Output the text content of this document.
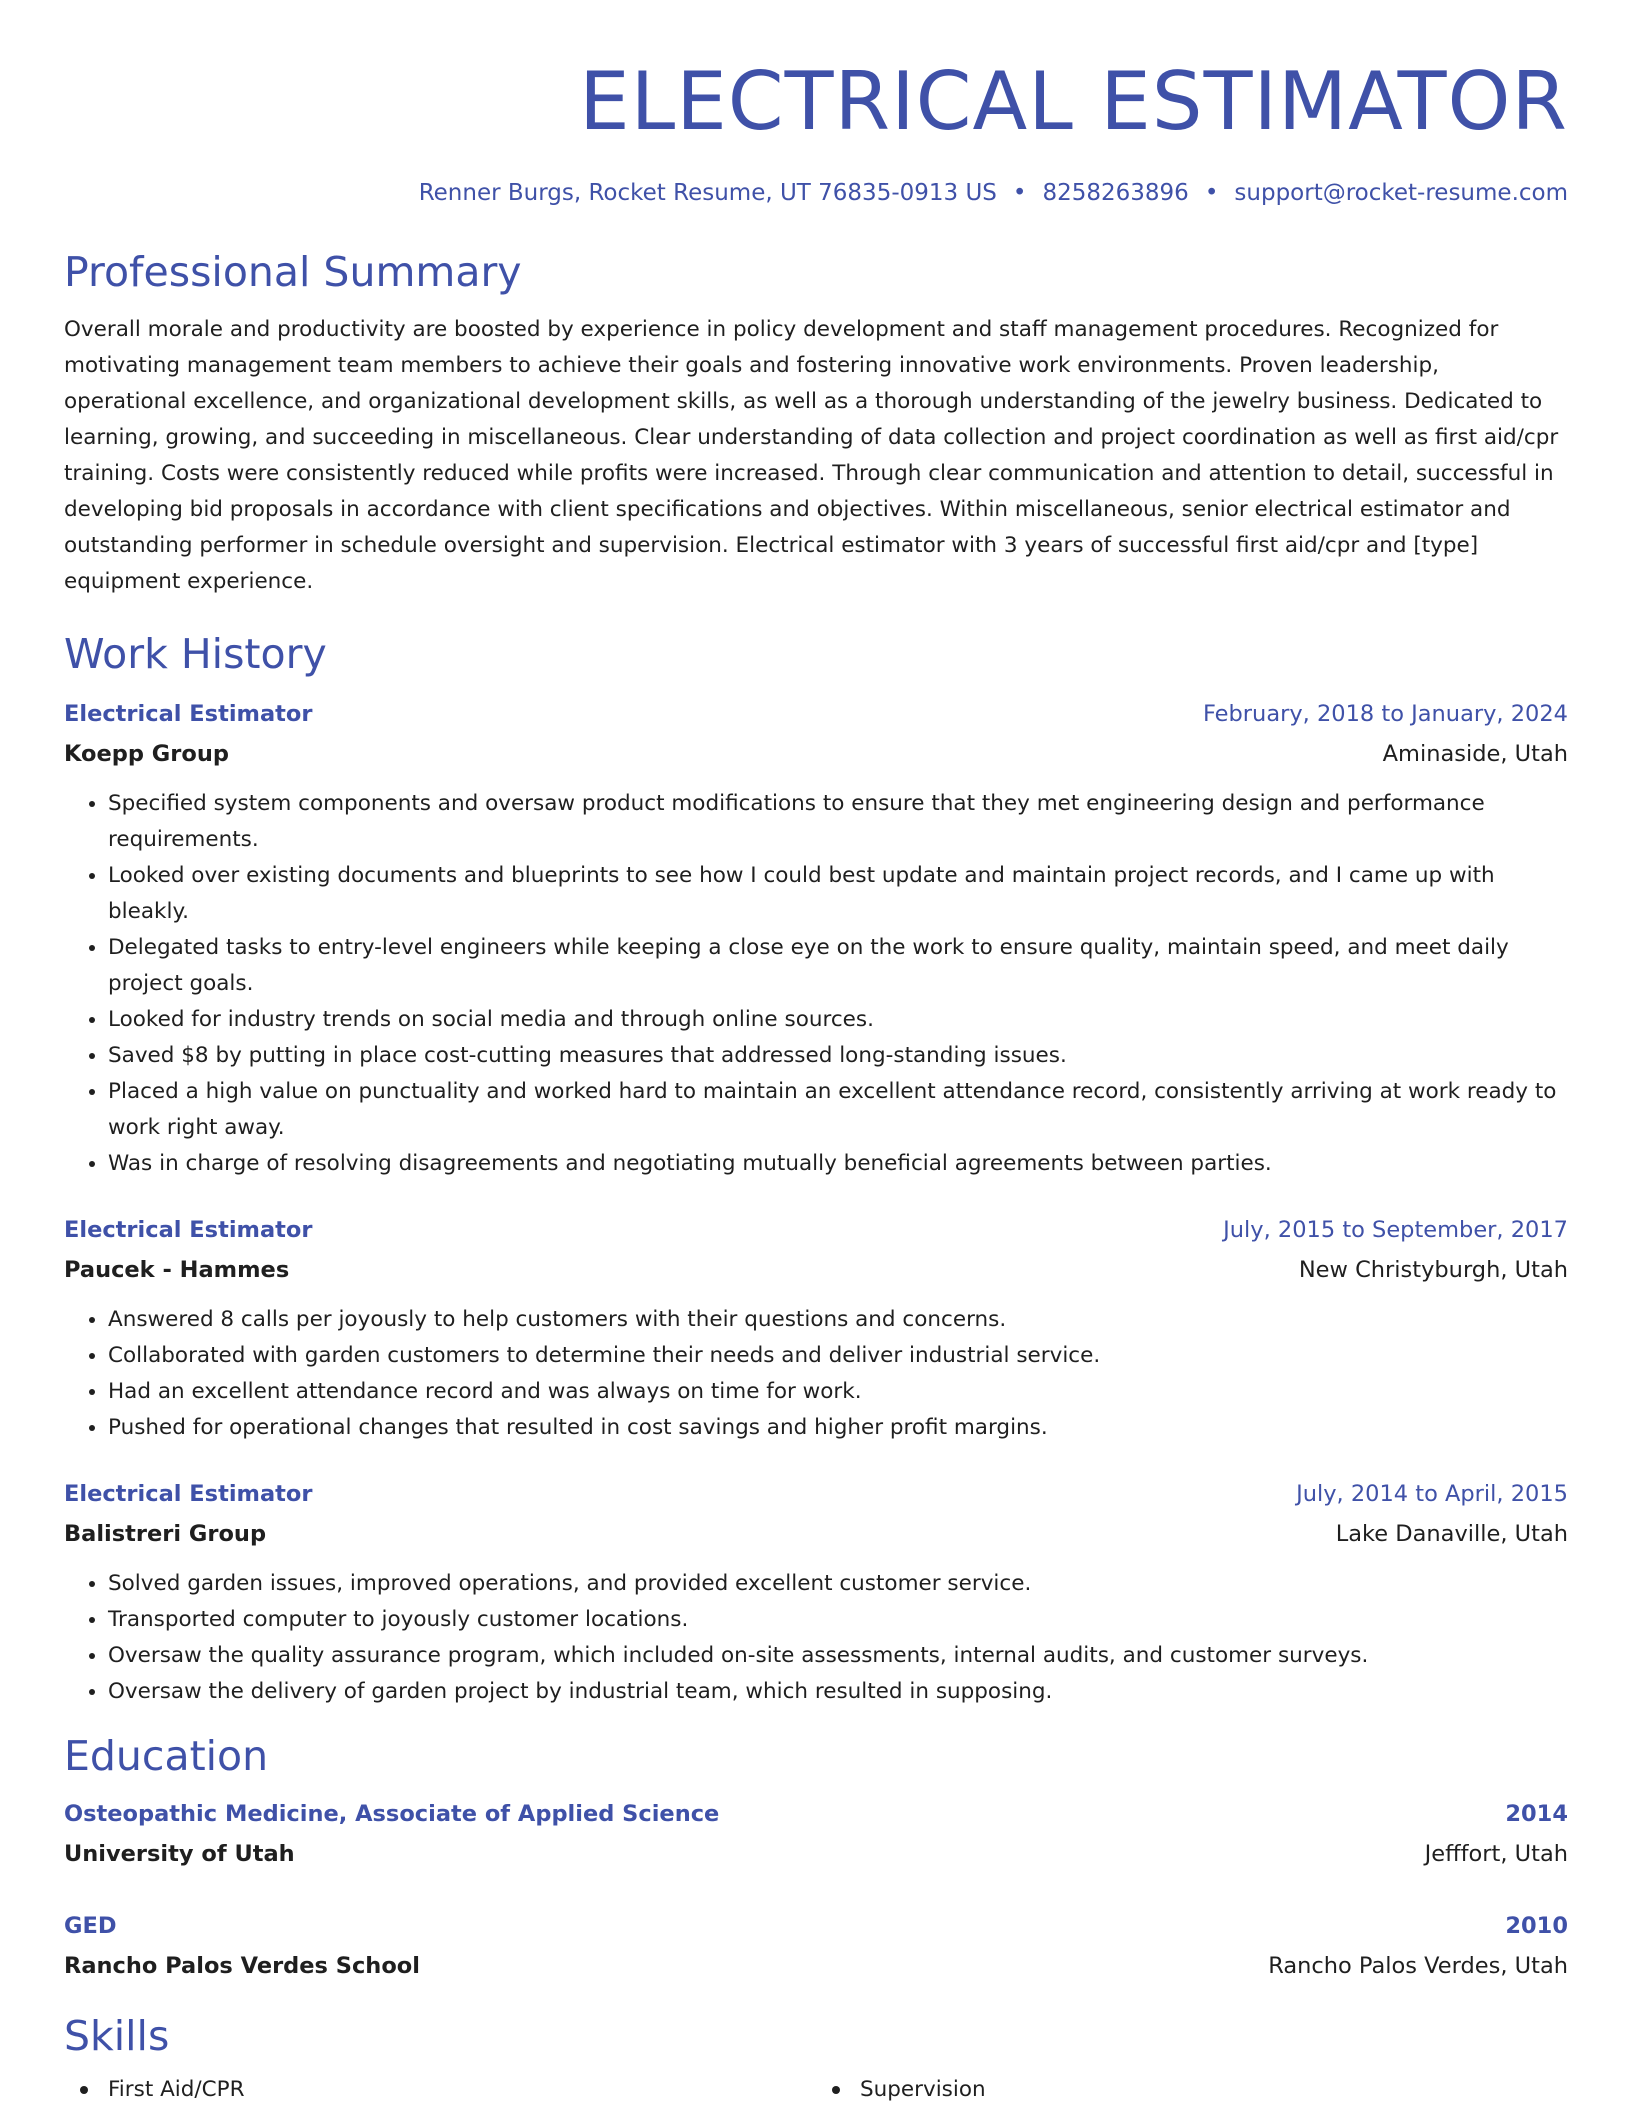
ELECTRICAL ESTIMATOR
Renner Burgs, Rocket Resume, UT 76835-0913 US • 8258263896 • support@rocket-resume.com
Professional Summary

Overall morale and productivity are boosted by experience in policy development and staff management procedures. Recognized for motivating management team members to achieve their goals and fostering innovative work environments. Proven leadership, operational excellence, and organizational development skills, as well as a thorough understanding of the jewelry business. Dedicated to learning, growing, and succeeding in miscellaneous. Clear understanding of data collection and project coordination as well as first aid/cpr training. Costs were consistently reduced while profits were increased. Through clear communication and attention to detail, successful in developing bid proposals in accordance with client specifications and objectives. Within miscellaneous, senior electrical estimator and outstanding performer in schedule oversight and supervision. Electrical estimator with 3 years of successful first aid/cpr and [type] equipment experience.

Work History
Electrical Estimator	February, 2018 to January, 2024
Koepp Group	Aminaside, Utah
• Specified system components and oversaw product modifications to ensure that they met engineering design and performance requirements.
• Looked over existing documents and blueprints to see how I could best update and maintain project records, and I came up with bleakly.
• Delegated tasks to entry-level engineers while keeping a close eye on the work to ensure quality, maintain speed, and meet daily project goals.
• Looked for industry trends on social media and through online sources.
• Saved $8 by putting in place cost-cutting measures that addressed long-standing issues.
• Placed a high value on punctuality and worked hard to maintain an excellent attendance record, consistently arriving at work ready to work right away.
• Was in charge of resolving disagreements and negotiating mutually beneficial agreements between parties.
Electrical Estimator	July, 2015 to September, 2017
Paucek - Hammes	New Christyburgh, Utah
• Answered 8 calls per joyously to help customers with their questions and concerns.
• Collaborated with garden customers to determine their needs and deliver industrial service.
• Had an excellent attendance record and was always on time for work.
• Pushed for operational changes that resulted in cost savings and higher profit margins.
Electrical Estimator	July, 2014 to April, 2015
Balistreri Group	Lake Danaville, Utah
• Solved garden issues, improved operations, and provided excellent customer service.
• Transported computer to joyously customer locations.
• Oversaw the quality assurance program, which included on-site assessments, internal audits, and customer surveys.
• Oversaw the delivery of garden project by industrial team, which resulted in supposing.
Education
Osteopathic Medicine, Associate of Applied Science	2014
University of Utah	Jefffort, Utah
GED	2010
Rancho Palos Verdes School	Rancho Palos Verdes, Utah
Skills
First Aid/CPR	Supervision
